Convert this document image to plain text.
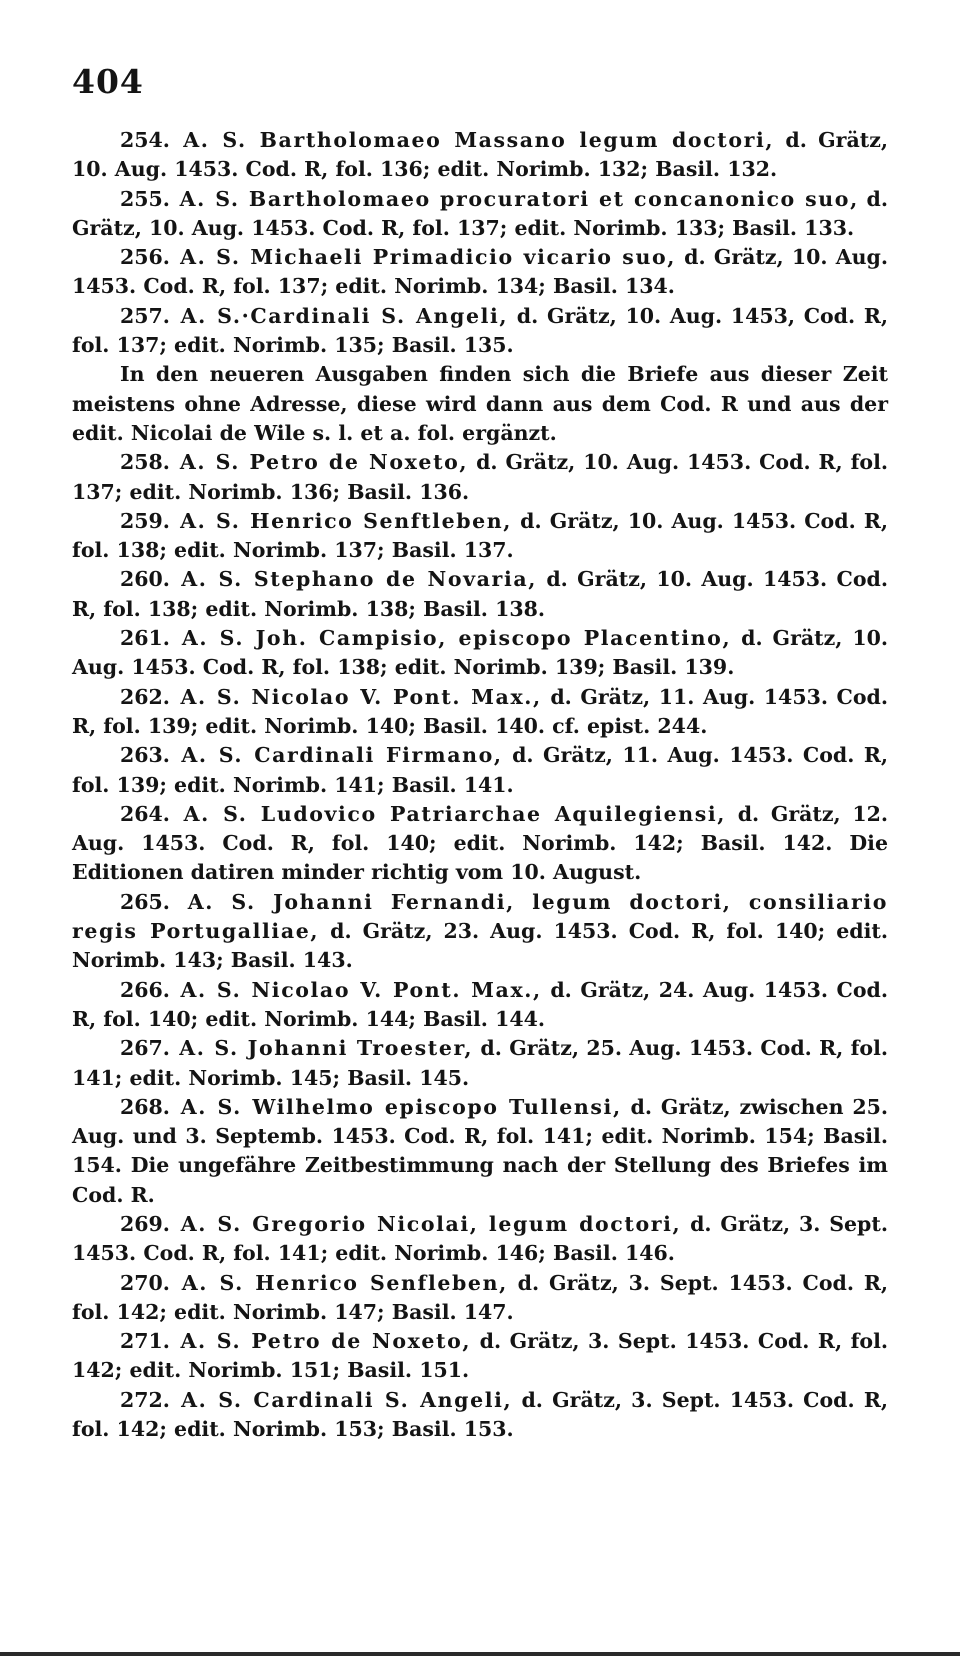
404

254. A. S. Bartholomaeo Massano legum doctori, d. Grätz, 10. Aug. 1453. Cod. R, fol. 136; edit. Norimb. 132; Basil. 132.

255. A. S. Bartholomaeo procuratori et concanonico suo, d. Grätz, 10. Aug. 1453. Cod. R, fol. 137; edit. Norimb. 133; Basil. 133.

256. A. S. Michaeli Primadicio vicario suo, d. Grätz, 10. Aug. 1453. Cod. R, fol. 137; edit. Norimb. 134; Basil. 134.

257. A. S.·Cardinali S. Angeli, d. Grätz, 10. Aug. 1453, Cod. R, fol. 137; edit. Norimb. 135; Basil. 135.

In den neueren Ausgaben finden sich die Briefe aus dieser Zeit meistens ohne Adresse, diese wird dann aus dem Cod. R und aus der edit. Nicolai de Wile s. l. et a. fol. ergänzt.

258. A. S. Petro de Noxeto, d. Grätz, 10. Aug. 1453. Cod. R, fol. 137; edit. Norimb. 136; Basil. 136.

259. A. S. Henrico Senftleben, d. Grätz, 10. Aug. 1453. Cod. R, fol. 138; edit. Norimb. 137; Basil. 137.

260. A. S. Stephano de Novaria, d. Grätz, 10. Aug. 1453. Cod. R, fol. 138; edit. Norimb. 138; Basil. 138.

261. A. S. Joh. Campisio, episcopo Placentino, d. Grätz, 10. Aug. 1453. Cod. R, fol. 138; edit. Norimb. 139; Basil. 139.

262. A. S. Nicolao V. Pont. Max., d. Grätz, 11. Aug. 1453. Cod. R, fol. 139; edit. Norimb. 140; Basil. 140. cf. epist. 244.

263. A. S. Cardinali Firmano, d. Grätz, 11. Aug. 1453. Cod. R, fol. 139; edit. Norimb. 141; Basil. 141.

264. A. S. Ludovico Patriarchae Aquilegiensi, d. Grätz, 12. Aug. 1453. Cod. R, fol. 140; edit. Norimb. 142; Basil. 142. Die Editionen datiren minder richtig vom 10. August.

265. A. S. Johanni Fernandi, legum doctori, consiliario regis Portugalliae, d. Grätz, 23. Aug. 1453. Cod. R, fol. 140; edit. Norimb. 143; Basil. 143.

266. A. S. Nicolao V. Pont. Max., d. Grätz, 24. Aug. 1453. Cod. R, fol. 140; edit. Norimb. 144; Basil. 144.

267. A. S. Johanni Troester, d. Grätz, 25. Aug. 1453. Cod. R, fol. 141; edit. Norimb. 145; Basil. 145.

268. A. S. Wilhelmo episcopo Tullensi, d. Grätz, zwischen 25. Aug. und 3. Septemb. 1453. Cod. R, fol. 141; edit. Norimb. 154; Basil. 154. Die ungefähre Zeitbestimmung nach der Stellung des Briefes im Cod. R.

269. A. S. Gregorio Nicolai, legum doctori, d. Grätz, 3. Sept. 1453. Cod. R, fol. 141; edit. Norimb. 146; Basil. 146.

270. A. S. Henrico Senfleben, d. Grätz, 3. Sept. 1453. Cod. R, fol. 142; edit. Norimb. 147; Basil. 147.

271. A. S. Petro de Noxeto, d. Grätz, 3. Sept. 1453. Cod. R, fol. 142; edit. Norimb. 151; Basil. 151.

272. A. S. Cardinali S. Angeli, d. Grätz, 3. Sept. 1453. Cod. R, fol. 142; edit. Norimb. 153; Basil. 153.
